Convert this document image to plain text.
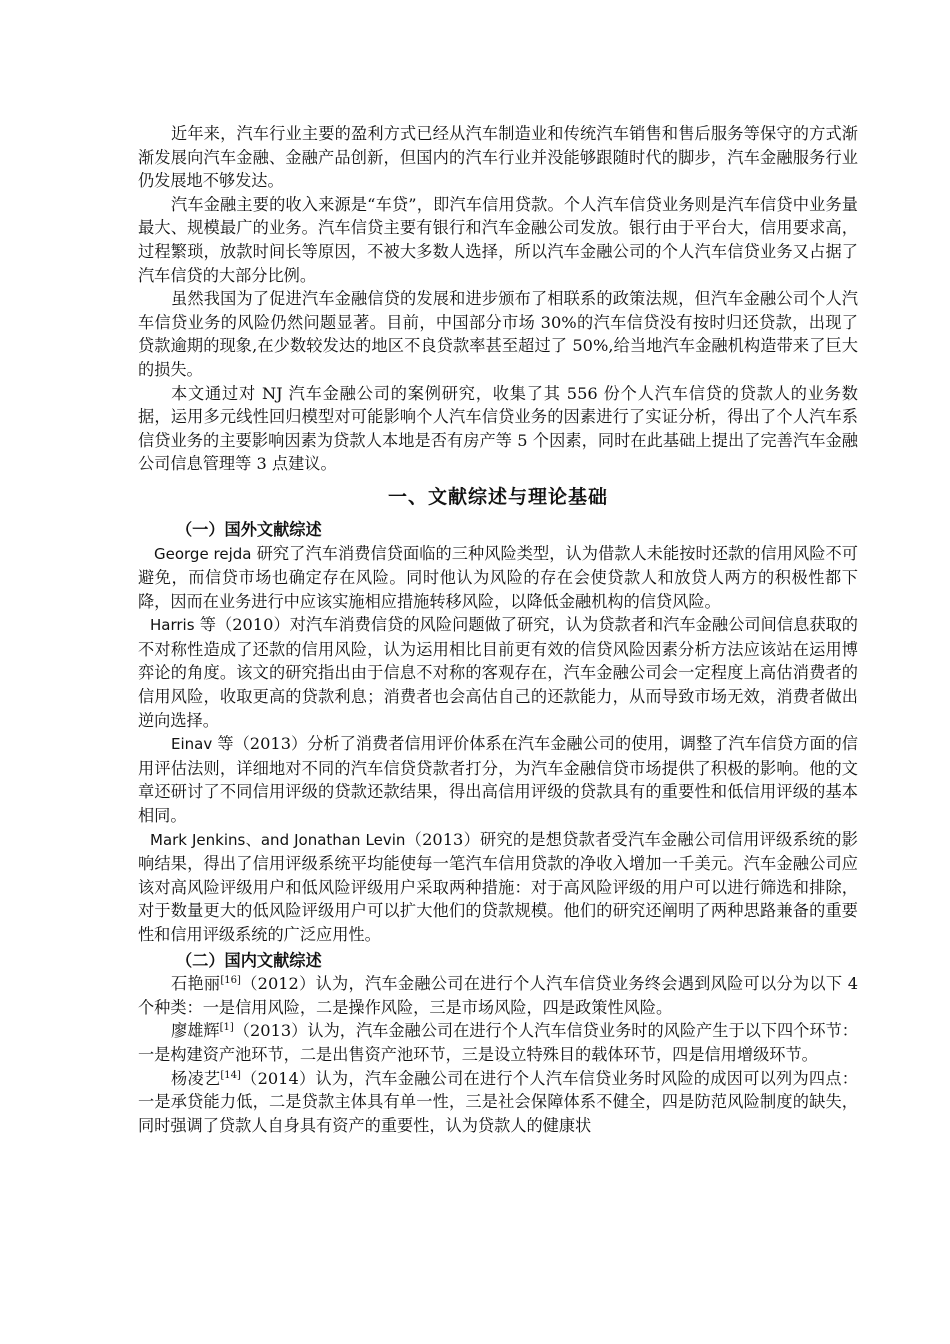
近年来，汽车行业主要的盈利方式已经从汽车制造业和传统汽车销售和售后服务等保守的方式渐渐发展向汽车金融、金融产品创新，但国内的汽车行业并没能够跟随时代的脚步，汽车金融服务行业仍发展地不够发达。

汽车金融主要的收入来源是“车贷”，即汽车信用贷款。个人汽车信贷业务则是汽车信贷中业务量最大、规模最广的业务。汽车信贷主要有银行和汽车金融公司发放。银行由于平台大，信用要求高，过程繁琐，放款时间长等原因，不被大多数人选择，所以汽车金融公司的个人汽车信贷业务又占据了汽车信贷的大部分比例。

虽然我国为了促进汽车金融信贷的发展和进步颁布了相联系的政策法规，但汽车金融公司个人汽车信贷业务的风险仍然问题显著。目前，中国部分市场 30%的汽车信贷没有按时归还贷款，出现了贷款逾期的现象,在少数较发达的地区不良贷款率甚至超过了 50%,给当地汽车金融机构造带来了巨大的损失。

本文通过对 NJ 汽车金融公司的案例研究，收集了其 556 份个人汽车信贷的贷款人的业务数据，运用多元线性回归模型对可能影响个人汽车信贷业务的因素进行了实证分析，得出了个人汽车系信贷业务的主要影响因素为贷款人本地是否有房产等 5 个因素，同时在此基础上提出了完善汽车金融公司信息管理等 3 点建议。

一、文献综述与理论基础
（一）国外文献综述

George rejda 研究了汽车消费信贷面临的三种风险类型，认为借款人未能按时还款的信用风险不可避免，而信贷市场也确定存在风险。同时他认为风险的存在会使贷款人和放贷人两方的积极性都下降，因而在业务进行中应该实施相应措施转移风险，以降低金融机构的信贷风险。

Harris 等（2010）对汽车消费信贷的风险问题做了研究，认为贷款者和汽车金融公司间信息获取的不对称性造成了还款的信用风险，认为运用相比目前更有效的信贷风险因素分析方法应该站在运用博弈论的角度。该文的研究指出由于信息不对称的客观存在，汽车金融公司会一定程度上高估消费者的信用风险，收取更高的贷款利息；消费者也会高估自己的还款能力，从而导致市场无效，消费者做出逆向选择。

Einav 等（2013）分析了消费者信用评价体系在汽车金融公司的使用，调整了汽车信贷方面的信用评估法则，详细地对不同的汽车信贷贷款者打分，为汽车金融信贷市场提供了积极的影响。他的文章还研讨了不同信用评级的贷款还款结果，得出高信用评级的贷款具有的重要性和低信用评级的基本相同。

Mark Jenkins、and Jonathan Levin（2013）研究的是想贷款者受汽车金融公司信用评级系统的影响结果，得出了信用评级系统平均能使每一笔汽车信用贷款的净收入增加一千美元。汽车金融公司应该对高风险评级用户和低风险评级用户采取两种措施：对于高风险评级的用户可以进行筛选和排除，对于数量更大的低风险评级用户可以扩大他们的贷款规模。他们的研究还阐明了两种思路兼备的重要性和信用评级系统的广泛应用性。

（二）国内文献综述

石艳丽[16]（2012）认为，汽车金融公司在进行个人汽车信贷业务终会遇到风险可以分为以下 4 个种类：一是信用风险，二是操作风险，三是市场风险，四是政策性风险。

廖雄辉[1]（2013）认为，汽车金融公司在进行个人汽车信贷业务时的风险产生于以下四个环节：一是构建资产池环节，二是出售资产池环节，三是设立特殊目的载体环节，四是信用增级环节。

杨凌艺[14]（2014）认为，汽车金融公司在进行个人汽车信贷业务时风险的成因可以列为四点：一是承贷能力低，二是贷款主体具有单一性，三是社会保障体系不健全，四是防范风险制度的缺失，同时强调了贷款人自身具有资产的重要性，认为贷款人的健康状
